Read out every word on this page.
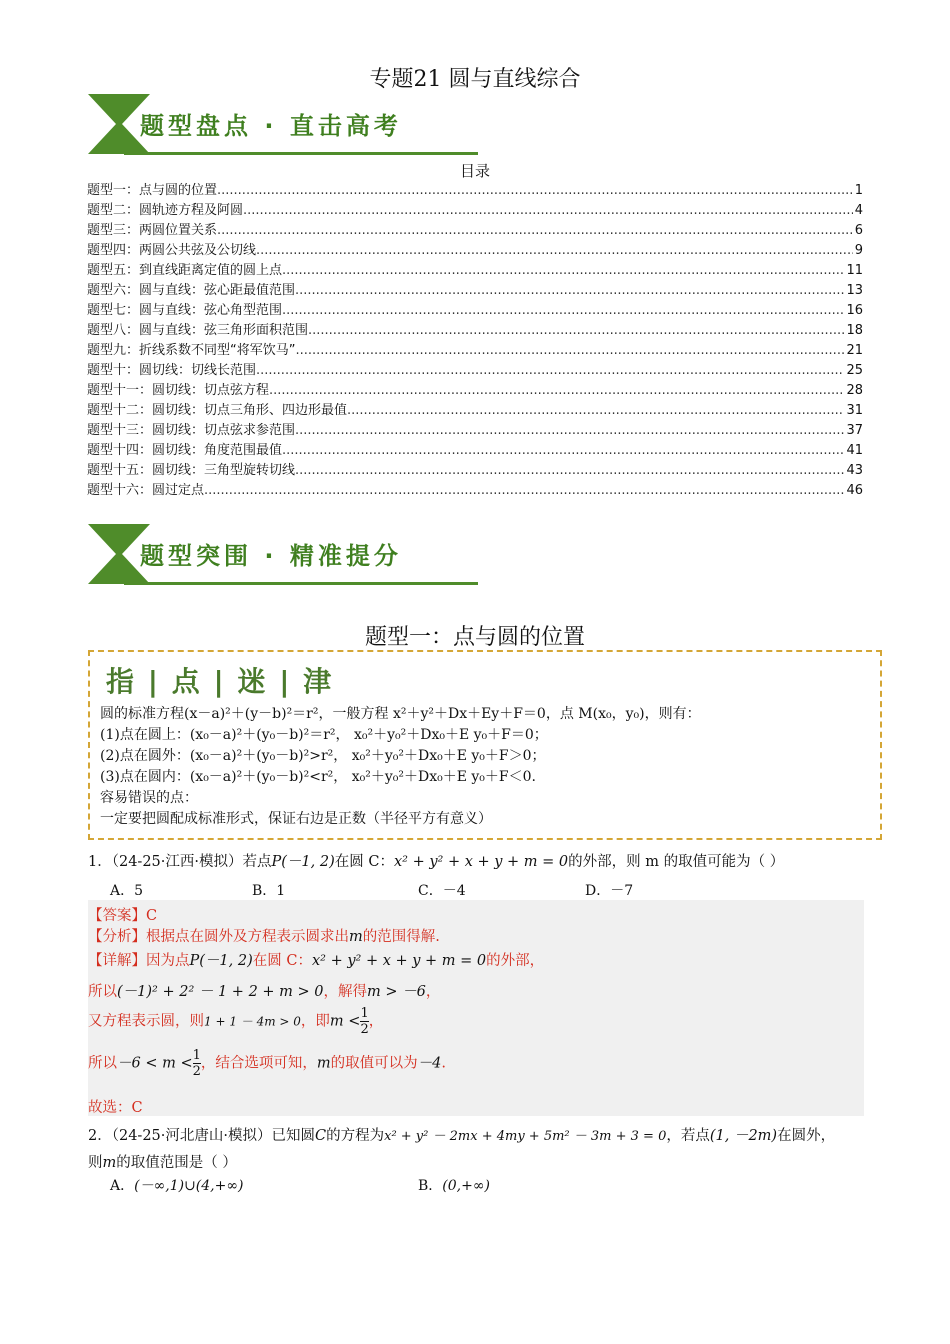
专题21 圆与直线综合
题型盘点 · 直击高考
目录
题型一：点与圆的位置 .....	1
题型二：圆轨迹方程及阿圆 .....	4
题型三：两圆位置关系 .....	6
题型四：两圆公共弦及公切线 .....	9
题型五：到直线距离定值的圆上点 .....	11
题型六：圆与直线：弦心距最值范围 .....	13
题型七：圆与直线：弦心角型范围 .....	16
题型八：圆与直线：弦三角形面积范围 .....	18
题型九：折线系数不同型“将军饮马” .....	21
题型十：圆切线：切线长范围 .....	25
题型十一：圆切线：切点弦方程 .....	28
题型十二：圆切线：切点三角形、四边形最值 .....	31
题型十三：圆切线：切点弦求参范围 .....	37
题型十四：圆切线：角度范围最值 .....	41
题型十五：圆切线：三角型旋转切线 .....	43
题型十六：圆过定点 .....	46
题型突围 · 精准提分
题型一：点与圆的位置
指 | 点 | 迷 | 津
圆的标准方程(x－a)²＋(y－b)²＝r²，一般方程 x²＋y²＋Dx＋Ey＋F＝0，点 M(x₀，y₀)，则有：
(1)点在圆上：(x₀－a)²＋(y₀－b)²＝r²， x₀²＋y₀²＋Dx₀＋E y₀＋F＝0；
(2)点在圆外：(x₀－a)²＋(y₀－b)²>r²， x₀²＋y₀²＋Dx₀＋E y₀＋F＞0；
(3)点在圆内：(x₀－a)²＋(y₀－b)²<r²， x₀²＋y₀²＋Dx₀＋E y₀＋F＜0.
容易错误的点：
一定要把圆配成标准形式，保证右边是正数（半径平方有意义）
1．（24-25·江西·模拟）若点P(－1, 2)在圆 C：x² + y² + x + y + m = 0的外部，则 m 的取值可能为（ ）
A．5	B．1	C．－4	D．－7
【答案】C
【分析】根据点在圆外及方程表示圆求出m的范围得解.
【详解】因为点P(－1, 2)在圆 C：x² + y² + x + y + m = 0的外部，
所以(－1)² + 2² － 1 + 2 + m > 0，解得m > －6，
又方程表示圆，则1 + 1 － 4m > 0，即$m < \frac{1}{2}$ ，
所以$-6 < m < \frac{1}{2}$ ，结合选项可知，m的取值可以为－4.
故选：C
2．（24-25·河北唐山·模拟）已知圆C的方程为x² + y² － 2mx + 4my + 5m² － 3m + 3 = 0，若点(1, －2m)在圆外，
则m的取值范围是（ ）
A．(－∞,1)∪(4,+∞)	B．(0,+∞)
